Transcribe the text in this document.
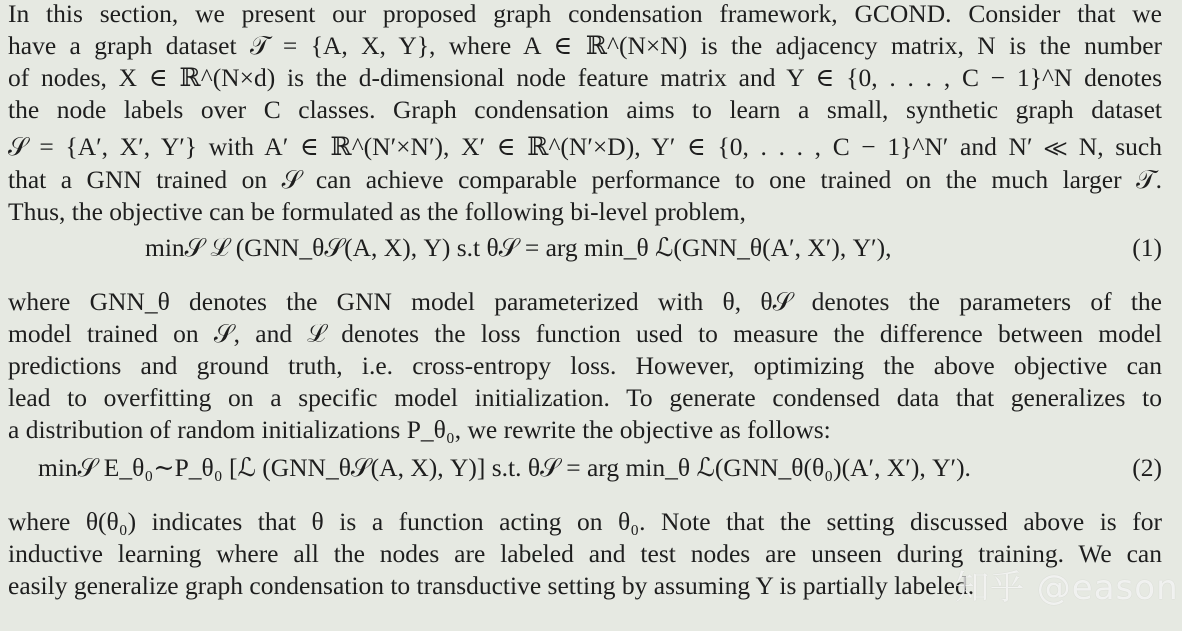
In this section, we present our proposed graph condensation framework, GCOND. Consider that we
have a graph dataset 𝒯 = {A, X, Y}, where A ∈ ℝ^(N×N) is the adjacency matrix, N is the number
of nodes, X ∈ ℝ^(N×d) is the d-dimensional node feature matrix and Y ∈ {0, . . . , C − 1}^N denotes
the node labels over C classes. Graph condensation aims to learn a small, synthetic graph dataset
𝒮 = {A′, X′, Y′} with A′ ∈ ℝ^(N′×N′), X′ ∈ ℝ^(N′×D), Y′ ∈ {0, . . . , C − 1}^N′ and N′ ≪ N, such
that a GNN trained on 𝒮 can achieve comparable performance to one trained on the much larger 𝒯.
Thus, the objective can be formulated as the following bi-level problem,
min𝒮 ℒ (GNN_θ𝒮(A, X), Y) s.t θ𝒮 = arg min_θ ℒ(GNN_θ(A′, X′), Y′),	(1)
where GNN_θ denotes the GNN model parameterized with θ, θ𝒮 denotes the parameters of the
model trained on 𝒮, and ℒ denotes the loss function used to measure the difference between model
predictions and ground truth, i.e. cross-entropy loss. However, optimizing the above objective can
lead to overfitting on a specific model initialization. To generate condensed data that generalizes to
a distribution of random initializations P_θ₀, we rewrite the objective as follows:
min𝒮 E_θ₀∼P_θ₀ [ℒ (GNN_θ𝒮(A, X), Y)] s.t. θ𝒮 = arg min_θ ℒ(GNN_θ(θ₀)(A′, X′), Y′).	(2)
where θ(θ₀) indicates that θ is a function acting on θ₀. Note that the setting discussed above is for
inductive learning where all the nodes are labeled and test nodes are unseen during training. We can
easily generalize graph condensation to transductive setting by assuming Y is partially labeled.
知乎 @eason
